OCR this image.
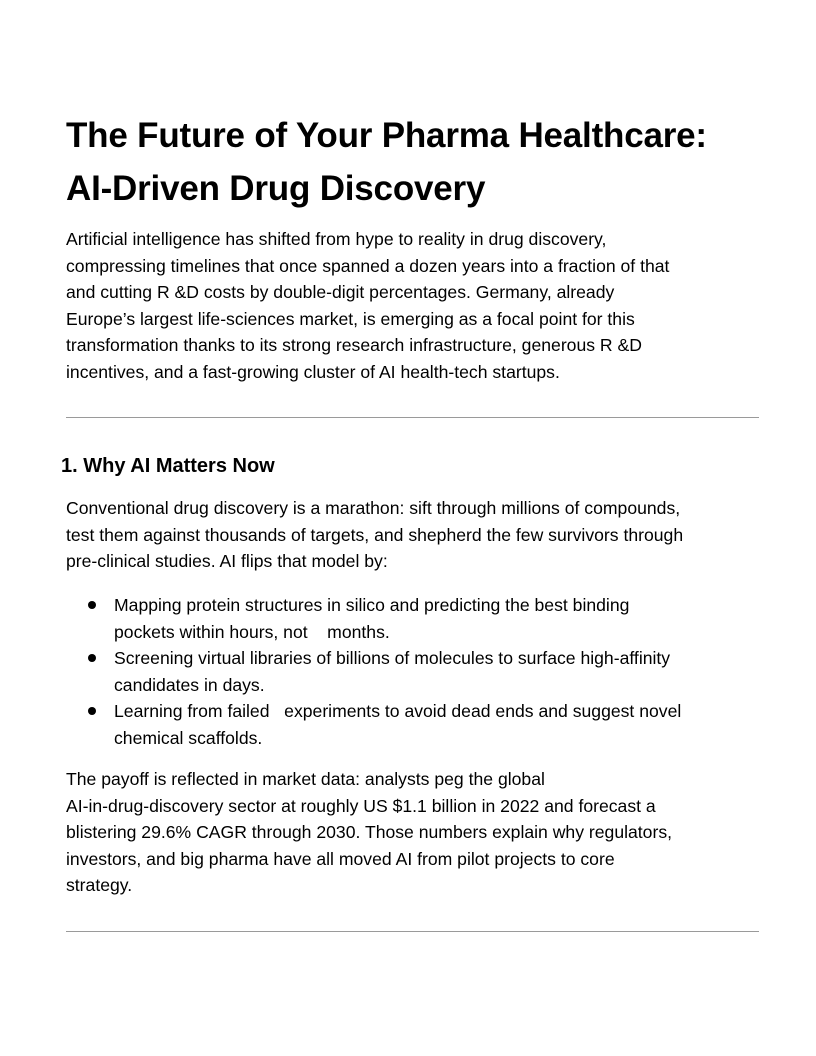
The Future of Your Pharma Healthcare:
AI-Driven Drug Discovery

Artificial intelligence has shifted from hype to reality in drug discovery,
compressing timelines that once spanned a dozen years into a fraction of that
and cutting R &D costs by double-digit percentages. Germany, already
Europe’s largest life-sciences market, is emerging as a focal point for this
transformation thanks to its strong research infrastructure, generous R &D
incentives, and a fast-growing cluster of AI health-tech startups.

1. Why AI Matters Now

Conventional drug discovery is a marathon: sift through millions of compounds,
test them against thousands of targets, and shepherd the few survivors through
pre-clinical studies. AI flips that model by:

Mapping protein structures in silico and predicting the best binding
pockets within hours, not    months.
Screening virtual libraries of billions of molecules to surface high-affinity
candidates in days.
Learning from failed   experiments to avoid dead ends and suggest novel
chemical scaffolds.

The payoff is reflected in market data: analysts peg the global
AI-in-drug-discovery sector at roughly US $1.1 billion in 2022 and forecast a
blistering 29.6% CAGR through 2030. Those numbers explain why regulators,
investors, and big pharma have all moved AI from pilot projects to core
strategy.
